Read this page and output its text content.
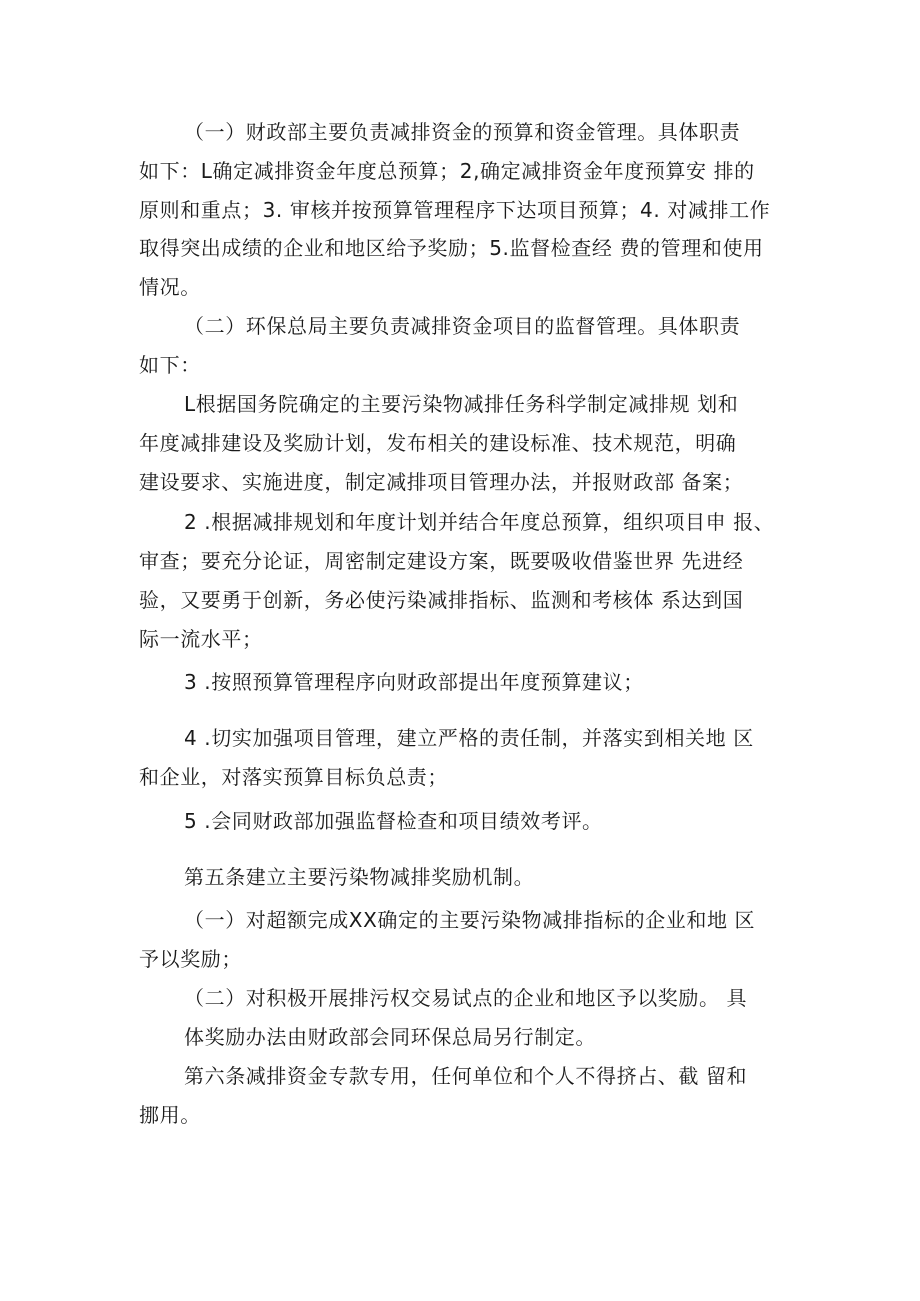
（一）财政部主要负责减排资金的预算和资金管理。具体职责
如下：L确定减排资金年度总预算；2,确定减排资金年度预算安 排的
原则和重点；3. 审核并按预算管理程序下达项目预算；4. 对减排工作
取得突出成绩的企业和地区给予奖励；5.监督检查经 费的管理和使用
情况。
（二）环保总局主要负责减排资金项目的监督管理。具体职责
如下：
L根据国务院确定的主要污染物减排任务科学制定减排规 划和
年度减排建设及奖励计划，发布相关的建设标准、技术规范，明确
建设要求、实施进度，制定减排项目管理办法，并报财政部 备案；
2 .根据减排规划和年度计划并结合年度总预算，组织项目申 报、
审查；要充分论证，周密制定建设方案，既要吸收借鉴世界 先进经
验，又要勇于创新，务必使污染减排指标、监测和考核体 系达到国
际一流水平；
3 .按照预算管理程序向财政部提出年度预算建议；
4 .切实加强项目管理，建立严格的责任制，并落实到相关地 区
和企业，对落实预算目标负总责；
5 .会同财政部加强监督检查和项目绩效考评。
第五条建立主要污染物减排奖励机制。
（一）对超额完成XX确定的主要污染物减排指标的企业和地 区
予以奖励；
（二）对积极开展排污权交易试点的企业和地区予以奖励。 具
体奖励办法由财政部会同环保总局另行制定。
第六条减排资金专款专用，任何单位和个人不得挤占、截 留和
挪用。
